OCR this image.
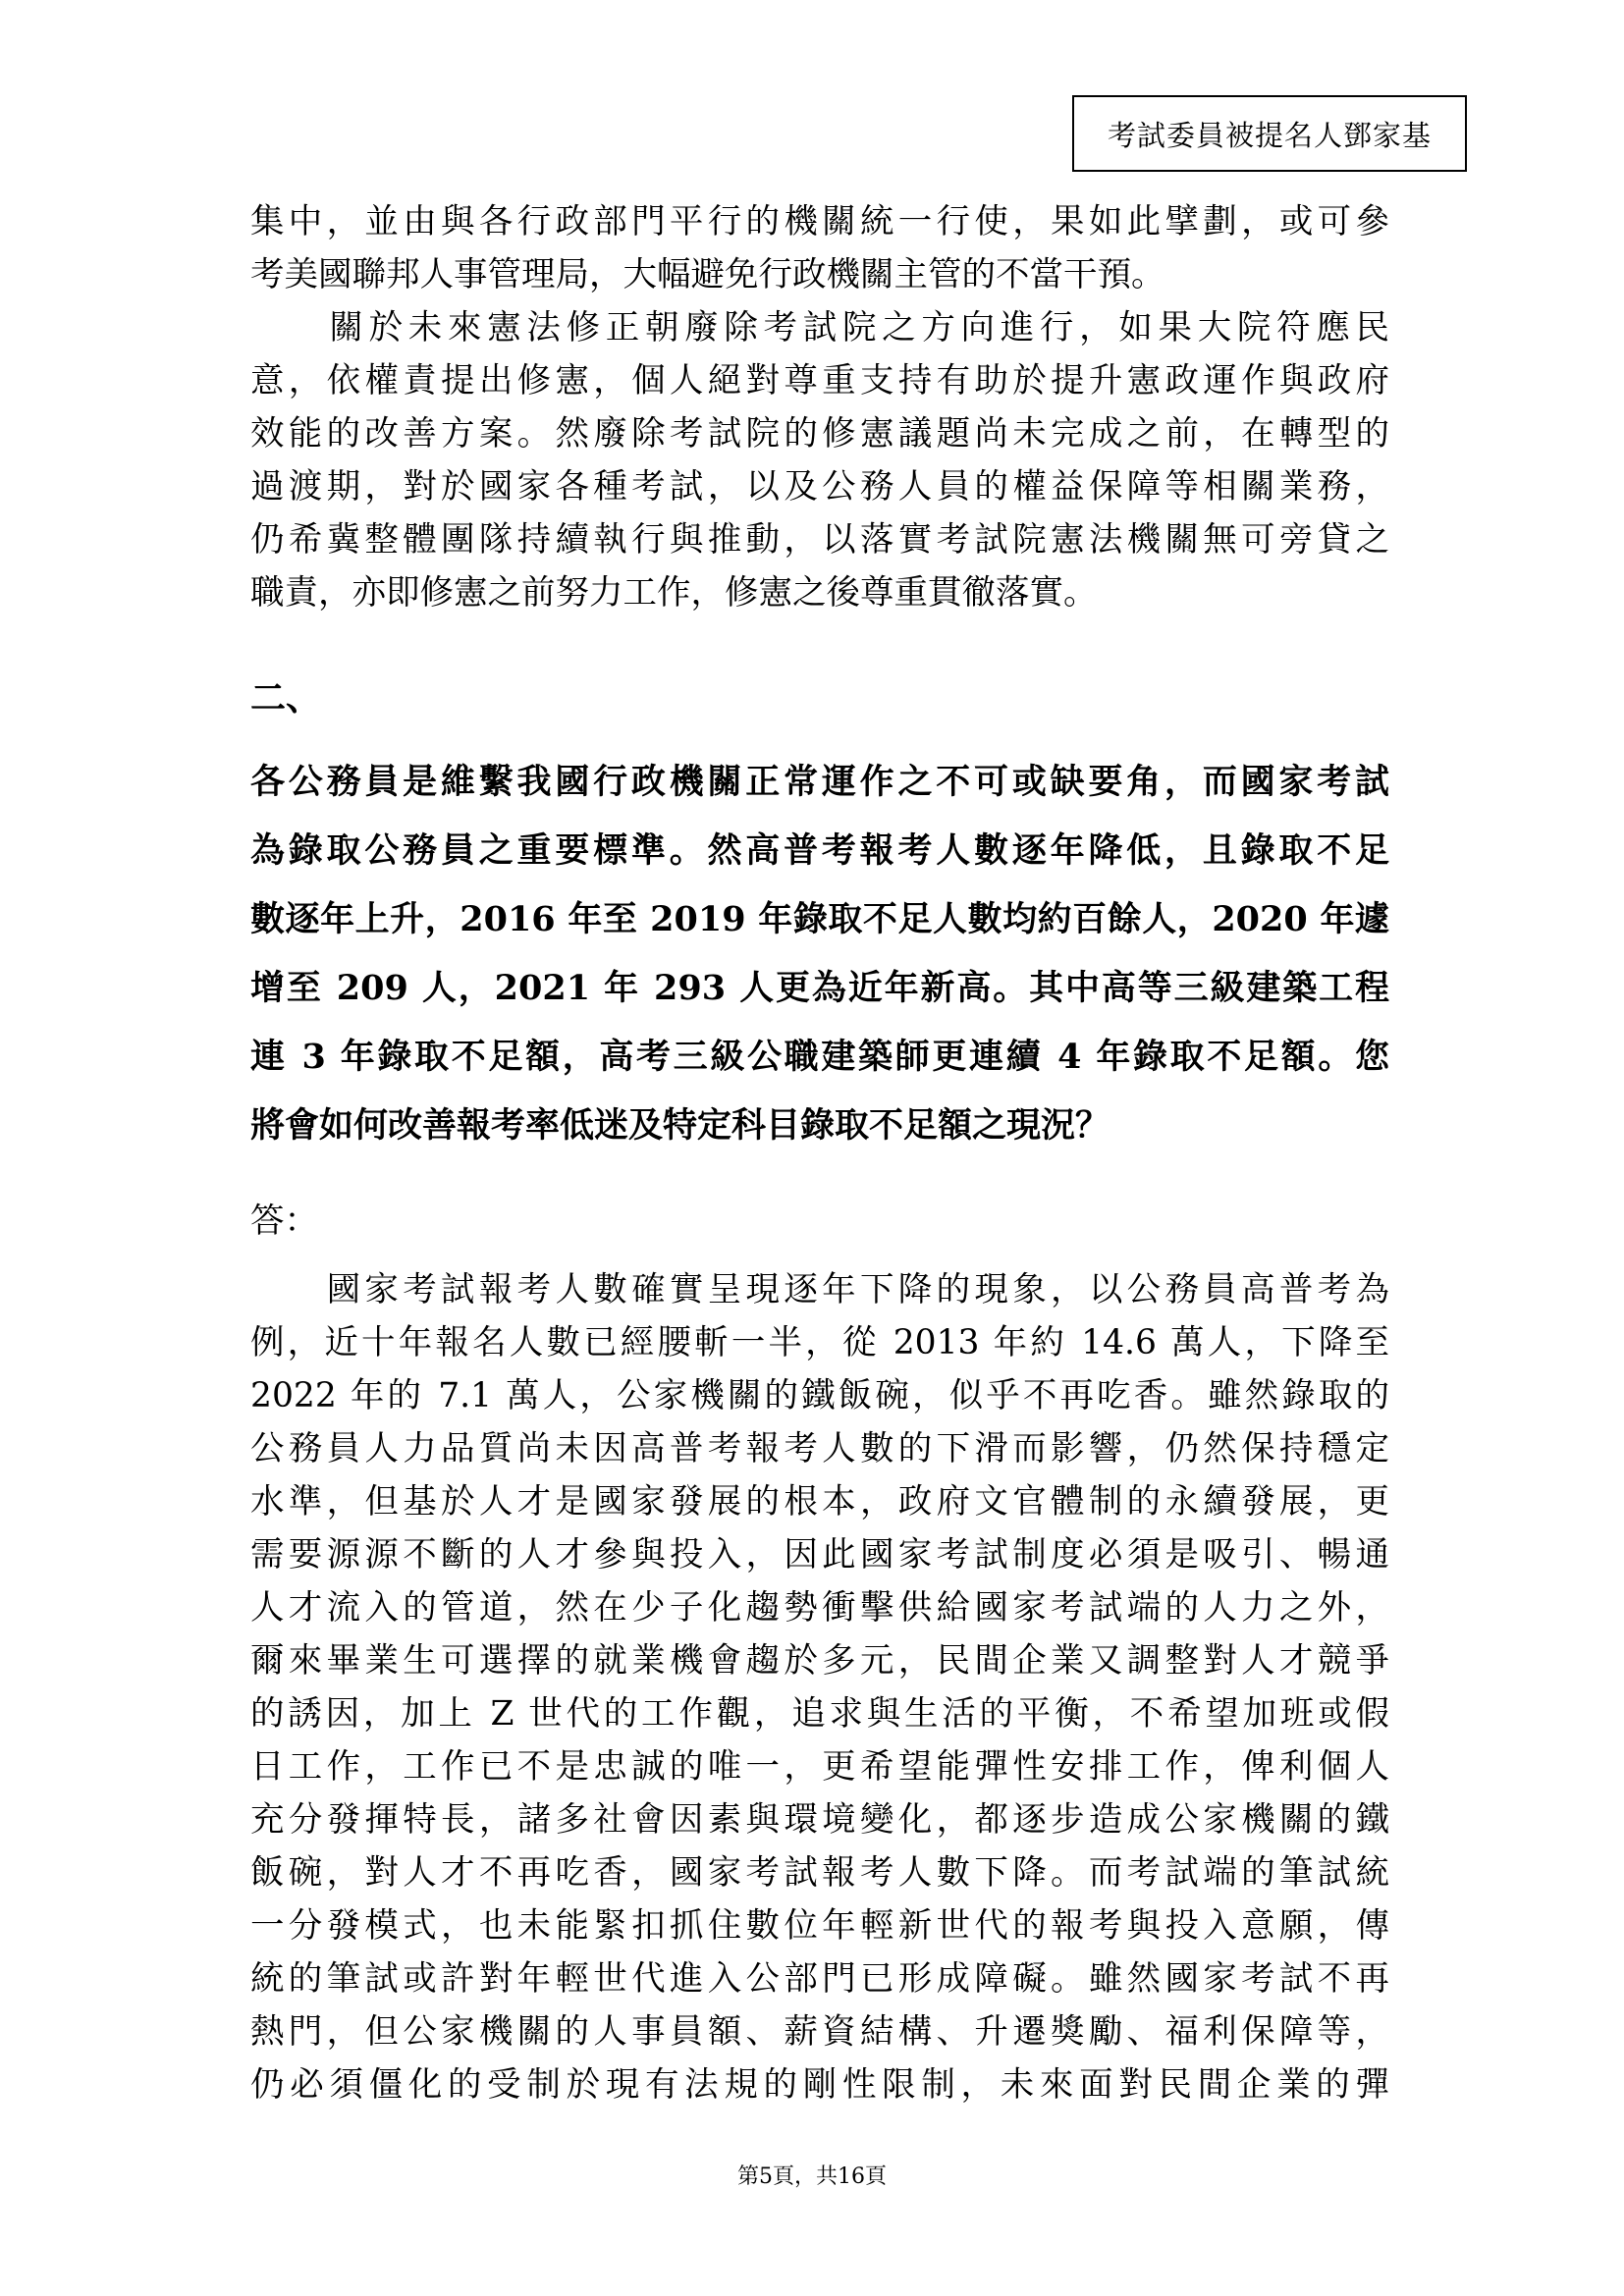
考試委員被提名人鄧家基
集中，並由與各行政部門平行的機關統一行使，果如此擘劃，或可參
考美國聯邦人事管理局，大幅避免行政機關主管的不當干預。
　　關於未來憲法修正朝廢除考試院之方向進行，如果大院符應民
意，依權責提出修憲，個人絕對尊重支持有助於提升憲政運作與政府
效能的改善方案。然廢除考試院的修憲議題尚未完成之前，在轉型的
過渡期，對於國家各種考試，以及公務人員的權益保障等相關業務，
仍希冀整體團隊持續執行與推動，以落實考試院憲法機關無可旁貸之
職責，亦即修憲之前努力工作，修憲之後尊重貫徹落實。
二、
各公務員是維繫我國行政機關正常運作之不可或缺要角，而國家考試
為錄取公務員之重要標準。然高普考報考人數逐年降低，且錄取不足
數逐年上升，2016 年至 2019 年錄取不足人數均約百餘人，2020 年遽
增至 209 人，2021 年 293 人更為近年新高。其中高等三級建築工程
連 3 年錄取不足額，高考三級公職建築師更連續 4 年錄取不足額。您
將會如何改善報考率低迷及特定科目錄取不足額之現況？
答：
　　國家考試報考人數確實呈現逐年下降的現象，以公務員高普考為
例，近十年報名人數已經腰斬一半，從 2013 年約 14.6 萬人，下降至
2022 年的 7.1 萬人，公家機關的鐵飯碗，似乎不再吃香。雖然錄取的
公務員人力品質尚未因高普考報考人數的下滑而影響，仍然保持穩定
水準，但基於人才是國家發展的根本，政府文官體制的永續發展，更
需要源源不斷的人才參與投入，因此國家考試制度必須是吸引、暢通
人才流入的管道，然在少子化趨勢衝擊供給國家考試端的人力之外，
爾來畢業生可選擇的就業機會趨於多元，民間企業又調整對人才競爭
的誘因，加上 Z 世代的工作觀，追求與生活的平衡，不希望加班或假
日工作，工作已不是忠誠的唯一，更希望能彈性安排工作，俾利個人
充分發揮特長，諸多社會因素與環境變化，都逐步造成公家機關的鐵
飯碗，對人才不再吃香，國家考試報考人數下降。而考試端的筆試統
一分發模式，也未能緊扣抓住數位年輕新世代的報考與投入意願，傳
統的筆試或許對年輕世代進入公部門已形成障礙。雖然國家考試不再
熱門，但公家機關的人事員額、薪資結構、升遷獎勵、福利保障等，
仍必須僵化的受制於現有法規的剛性限制，未來面對民間企業的彈
第5頁，共16頁
